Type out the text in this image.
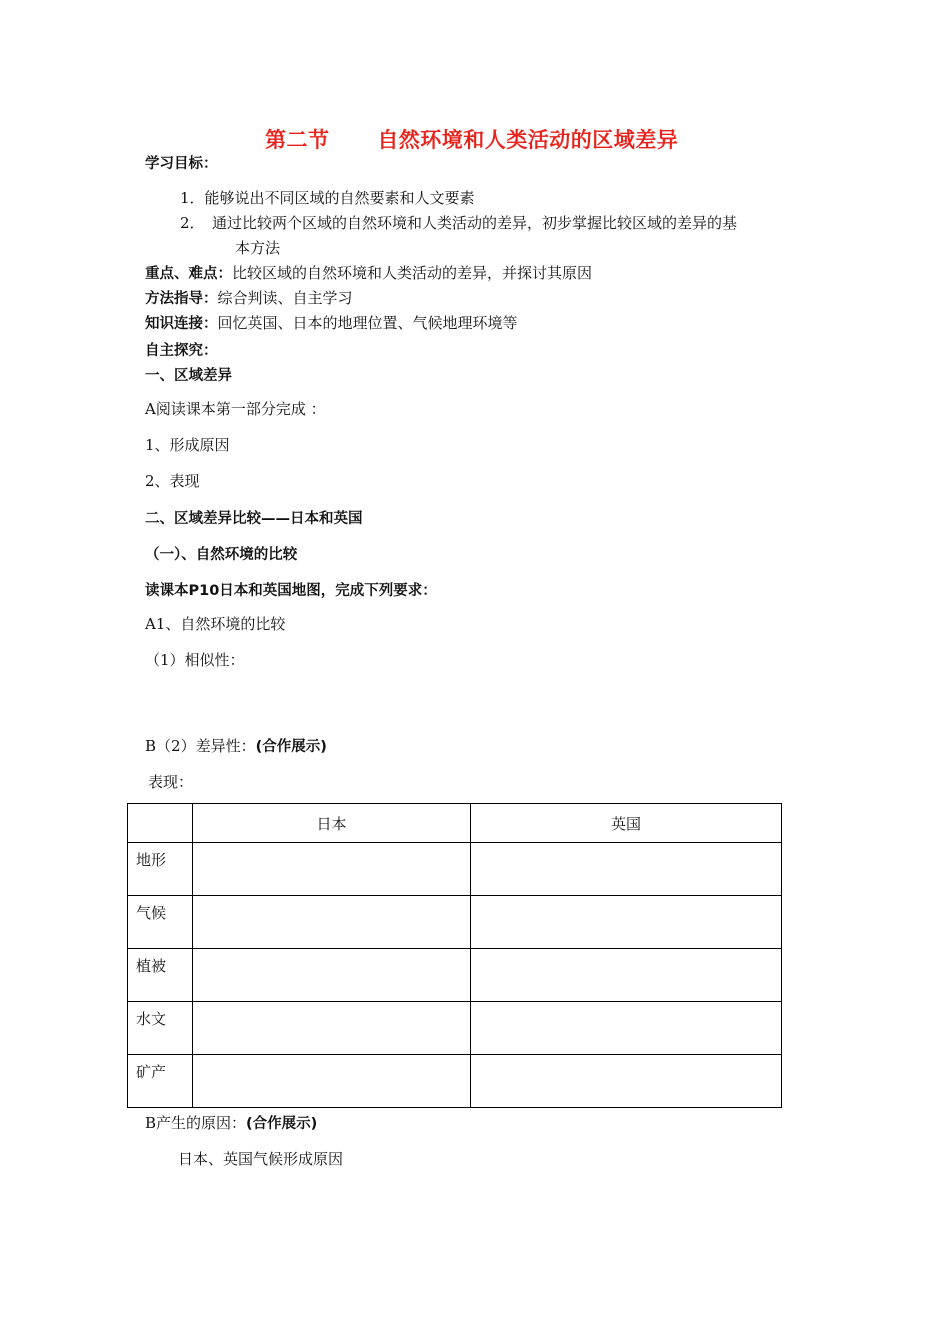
第二节 自然环境和人类活动的区域差异
学习目标：
1．能够说出不同区域的自然要素和人文要素
2．　通过比较两个区域的自然环境和人类活动的差异，初步掌握比较区域的差异的基
本方法
重点、难点：比较区域的自然环境和人类活动的差异，并探讨其原因
方法指导：综合判读、自主学习
知识连接：回忆英国、日本的地理位置、气候地理环境等
自主探究：
一、区域差异
A阅读课本第一部分完成 ：
1、形成原因
2、表现
二、区域差异比较——日本和英国
（一）、自然环境的比较
读课本P10日本和英国地图，完成下列要求：
A1、自然环境的比较
（1）相似性：
B（2）差异性：(合作展示)
表现：
	日本	英国
地形		
气候		
植被		
水文		
矿产		
B产生的原因：(合作展示)
日本、英国气候形成原因
